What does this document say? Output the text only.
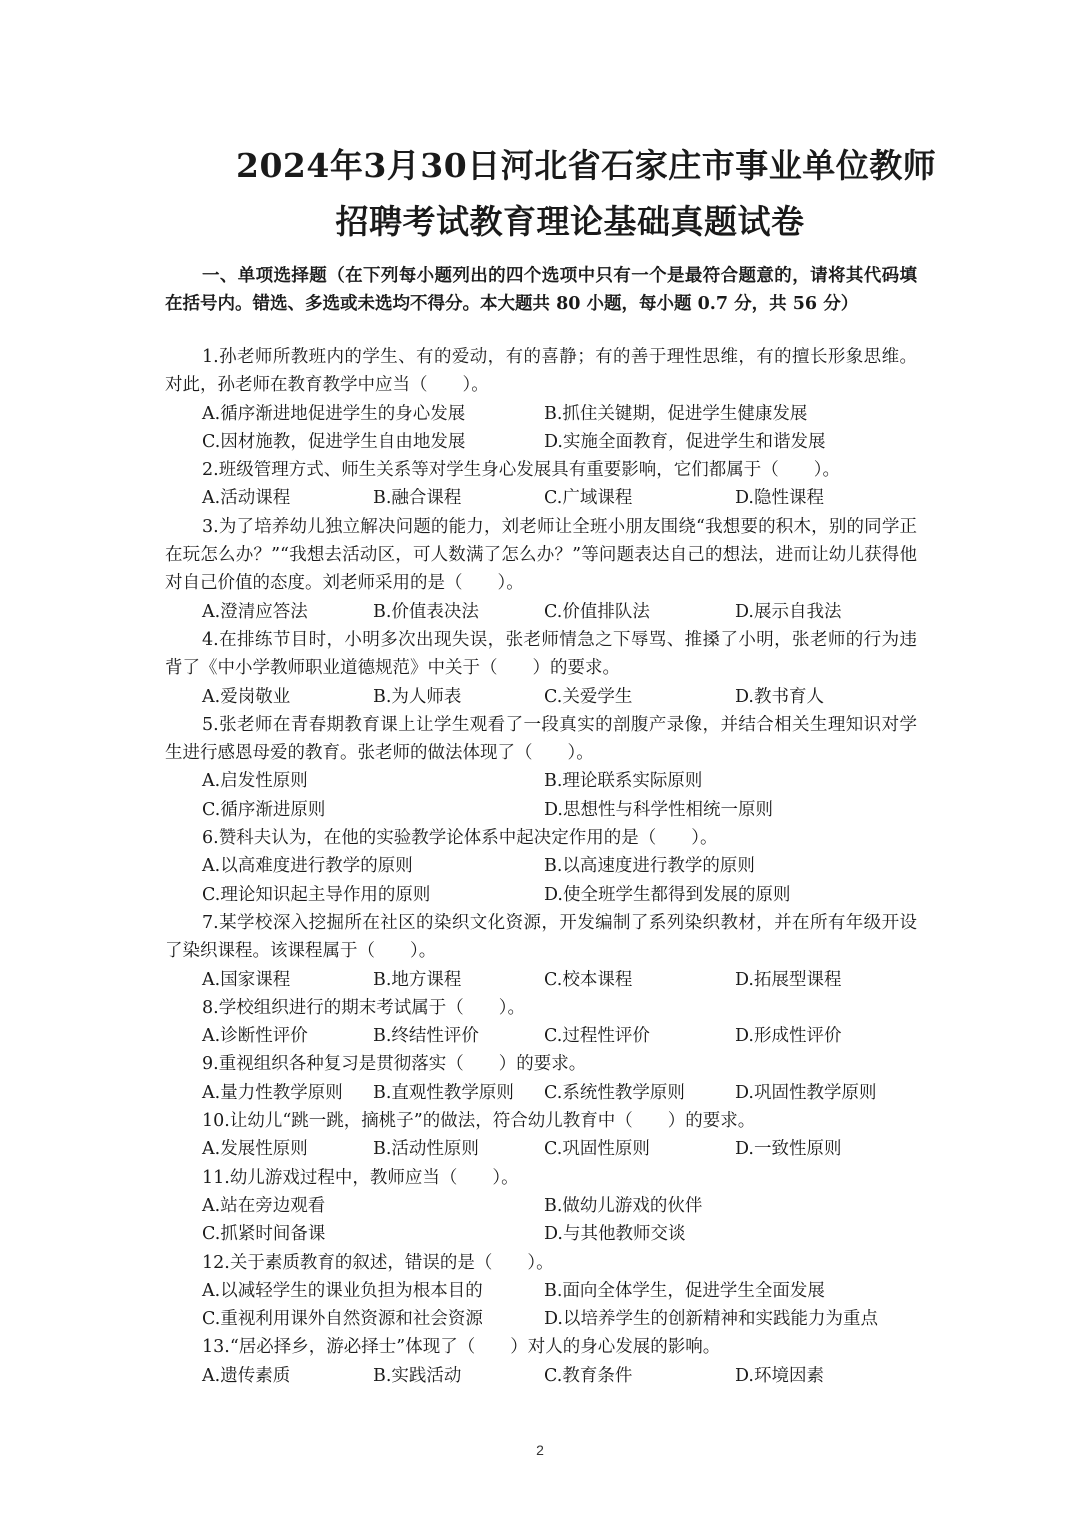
2024年3月30日河北省石家庄市事业单位教师
招聘考试教育理论基础真题试卷
一、单项选择题（在下列每小题列出的四个选项中只有一个是最符合题意的，请将其代码填在括号内。错选、多选或未选均不得分。本大题共 80 小题，每小题 0.7 分，共 56 分）

1.孙老师所教班内的学生、有的爱动，有的喜静；有的善于理性思维，有的擅长形象思维。对此，孙老师在教育教学中应当（　　）。

A.循序渐进地促进学生的身心发展	B.抓住关键期，促进学生健康发展
C.因材施教，促进学生自由地发展	D.实施全面教育，促进学生和谐发展

2.班级管理方式、师生关系等对学生身心发展具有重要影响，它们都属于（　　）。

A.活动课程	B.融合课程	C.广域课程	D.隐性课程

3.为了培养幼儿独立解决问题的能力，刘老师让全班小朋友围绕“我想要的积木，别的同学正在玩怎么办？”“我想去活动区，可人数满了怎么办？”等问题表达自己的想法，进而让幼儿获得他对自己价值的态度。刘老师采用的是（　　）。

A.澄清应答法	B.价值表决法	C.价值排队法	D.展示自我法

4.在排练节目时，小明多次出现失误，张老师情急之下辱骂、推搡了小明，张老师的行为违背了《中小学教师职业道德规范》中关于（　　）的要求。

A.爱岗敬业	B.为人师表	C.关爱学生	D.教书育人

5.张老师在青春期教育课上让学生观看了一段真实的剖腹产录像，并结合相关生理知识对学生进行感恩母爱的教育。张老师的做法体现了（　　）。

A.启发性原则	B.理论联系实际原则
C.循序渐进原则	D.思想性与科学性相统一原则

6.赞科夫认为，在他的实验教学论体系中起决定作用的是（　　）。

A.以高难度进行教学的原则	B.以高速度进行教学的原则
C.理论知识起主导作用的原则	D.使全班学生都得到发展的原则

7.某学校深入挖掘所在社区的染织文化资源，开发编制了系列染织教材，并在所有年级开设了染织课程。该课程属于（　　）。

A.国家课程	B.地方课程	C.校本课程	D.拓展型课程

8.学校组织进行的期末考试属于（　　）。

A.诊断性评价	B.终结性评价	C.过程性评价	D.形成性评价

9.重视组织各种复习是贯彻落实（　　）的要求。

A.量力性教学原则 B.直观性教学原则 C.系统性教学原则	D.巩固性教学原则

10.让幼儿“跳一跳，摘桃子”的做法，符合幼儿教育中（　　）的要求。

A.发展性原则	B.活动性原则	C.巩固性原则	D.一致性原则

11.幼儿游戏过程中，教师应当（　　）。

A.站在旁边观看	B.做幼儿游戏的伙伴
C.抓紧时间备课	D.与其他教师交谈

12.关于素质教育的叙述，错误的是（　　）。

A.以减轻学生的课业负担为根本目的	B.面向全体学生，促进学生全面发展
C.重视利用课外自然资源和社会资源	D.以培养学生的创新精神和实践能力为重点

13.“居必择乡，游必择士”体现了（　　）对人的身心发展的影响。

A.遗传素质	B.实践活动	C.教育条件	D.环境因素
2
